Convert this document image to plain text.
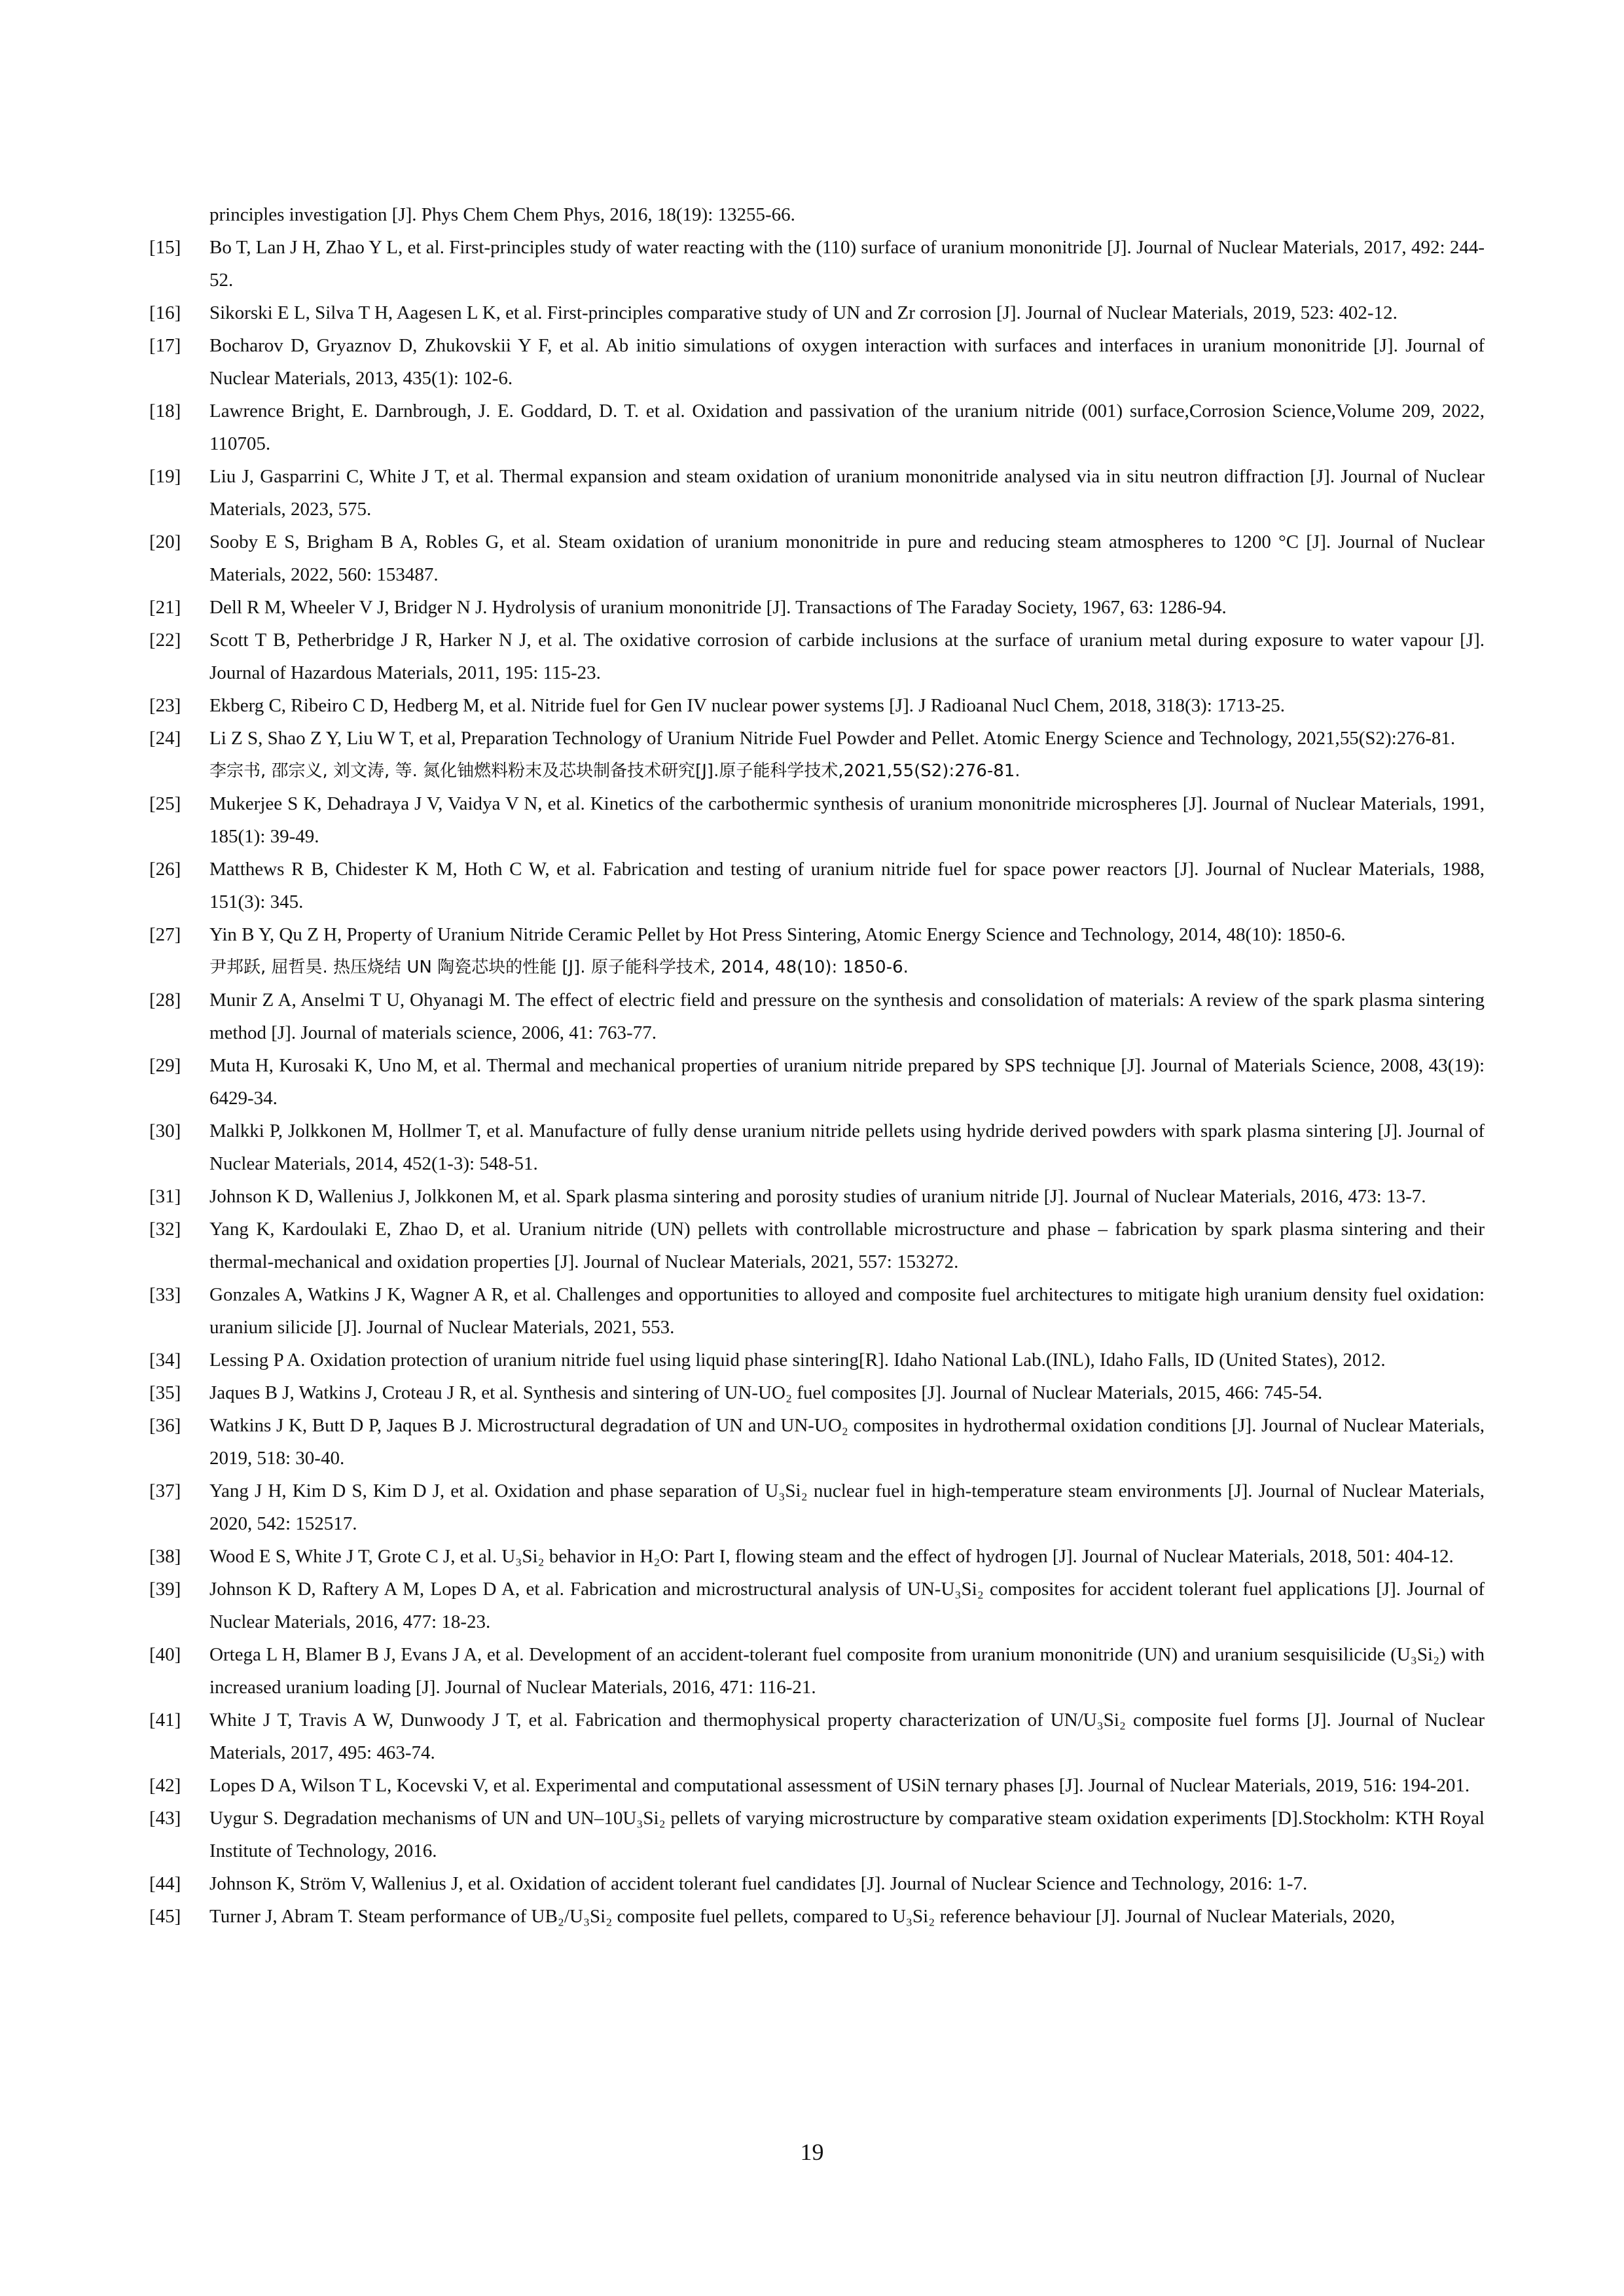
principles investigation [J]. Phys Chem Chem Phys, 2016, 18(19): 13255-66.
[15]	Bo T, Lan J H, Zhao Y L, et al. First-principles study of water reacting with the (110) surface of uranium mononitride [J]. Journal of Nuclear Materials, 2017, 492: 244-52.
[16]	Sikorski E L, Silva T H, Aagesen L K, et al. First-principles comparative study of UN and Zr corrosion [J]. Journal of Nuclear Materials, 2019, 523: 402-12.
[17]	Bocharov D, Gryaznov D, Zhukovskii Y F, et al. Ab initio simulations of oxygen interaction with surfaces and interfaces in uranium mononitride [J]. Journal of Nuclear Materials, 2013, 435(1): 102-6.
[18]	Lawrence Bright, E. Darnbrough, J. E. Goddard, D. T. et al. Oxidation and passivation of the uranium nitride (001) surface,Corrosion Science,Volume 209, 2022, 110705.
[19]	Liu J, Gasparrini C, White J T, et al. Thermal expansion and steam oxidation of uranium mononitride analysed via in situ neutron diffraction [J]. Journal of Nuclear Materials, 2023, 575.
[20]	Sooby E S, Brigham B A, Robles G, et al. Steam oxidation of uranium mononitride in pure and reducing steam atmospheres to 1200 °C [J]. Journal of Nuclear Materials, 2022, 560: 153487.
[21]	Dell R M, Wheeler V J, Bridger N J. Hydrolysis of uranium mononitride [J]. Transactions of The Faraday Society, 1967, 63: 1286-94.
[22]	Scott T B, Petherbridge J R, Harker N J, et al. The oxidative corrosion of carbide inclusions at the surface of uranium metal during exposure to water vapour [J]. Journal of Hazardous Materials, 2011, 195: 115-23.
[23]	Ekberg C, Ribeiro C D, Hedberg M, et al. Nitride fuel for Gen IV nuclear power systems [J]. J Radioanal Nucl Chem, 2018, 318(3): 1713-25.
[24]	Li Z S, Shao Z Y, Liu W T, et al, Preparation Technology of Uranium Nitride Fuel Powder and Pellet. Atomic Energy Science and Technology, 2021,55(S2):276-81.
李宗书, 邵宗义, 刘文涛, 等. 氮化铀燃料粉末及芯块制备技术研究[J].原子能科学技术,2021,55(S2):276-81.
[25]	Mukerjee S K, Dehadraya J V, Vaidya V N, et al. Kinetics of the carbothermic synthesis of uranium mononitride microspheres [J]. Journal of Nuclear Materials, 1991, 185(1): 39-49.
[26]	Matthews R B, Chidester K M, Hoth C W, et al. Fabrication and testing of uranium nitride fuel for space power reactors [J]. Journal of Nuclear Materials, 1988, 151(3): 345.
[27]	Yin B Y, Qu Z H, Property of Uranium Nitride Ceramic Pellet by Hot Press Sintering, Atomic Energy Science and Technology, 2014, 48(10): 1850-6.
尹邦跃, 屈哲昊. 热压烧结 UN 陶瓷芯块的性能 [J]. 原子能科学技术, 2014, 48(10): 1850-6.
[28]	Munir Z A, Anselmi T U, Ohyanagi M. The effect of electric field and pressure on the synthesis and consolidation of materials: A review of the spark plasma sintering method [J]. Journal of materials science, 2006, 41: 763-77.
[29]	Muta H, Kurosaki K, Uno M, et al. Thermal and mechanical properties of uranium nitride prepared by SPS technique [J]. Journal of Materials Science, 2008, 43(19): 6429-34.
[30]	Malkki P, Jolkkonen M, Hollmer T, et al. Manufacture of fully dense uranium nitride pellets using hydride derived powders with spark plasma sintering [J]. Journal of Nuclear Materials, 2014, 452(1-3): 548-51.
[31]	Johnson K D, Wallenius J, Jolkkonen M, et al. Spark plasma sintering and porosity studies of uranium nitride [J]. Journal of Nuclear Materials, 2016, 473: 13-7.
[32]	Yang K, Kardoulaki E, Zhao D, et al. Uranium nitride (UN) pellets with controllable microstructure and phase – fabrication by spark plasma sintering and their thermal-mechanical and oxidation properties [J]. Journal of Nuclear Materials, 2021, 557: 153272.
[33]	Gonzales A, Watkins J K, Wagner A R, et al. Challenges and opportunities to alloyed and composite fuel architectures to mitigate high uranium density fuel oxidation: uranium silicide [J]. Journal of Nuclear Materials, 2021, 553.
[34]	Lessing P A. Oxidation protection of uranium nitride fuel using liquid phase sintering[R]. Idaho National Lab.(INL), Idaho Falls, ID (United States), 2012.
[35]	Jaques B J, Watkins J, Croteau J R, et al. Synthesis and sintering of UN-UO₂ fuel composites [J]. Journal of Nuclear Materials, 2015, 466: 745-54.
[36]	Watkins J K, Butt D P, Jaques B J. Microstructural degradation of UN and UN-UO₂ composites in hydrothermal oxidation conditions [J]. Journal of Nuclear Materials, 2019, 518: 30-40.
[37]	Yang J H, Kim D S, Kim D J, et al. Oxidation and phase separation of U₃Si₂ nuclear fuel in high-temperature steam environments [J]. Journal of Nuclear Materials, 2020, 542: 152517.
[38]	Wood E S, White J T, Grote C J, et al. U₃Si₂ behavior in H₂O: Part I, flowing steam and the effect of hydrogen [J]. Journal of Nuclear Materials, 2018, 501: 404-12.
[39]	Johnson K D, Raftery A M, Lopes D A, et al. Fabrication and microstructural analysis of UN-U₃Si₂ composites for accident tolerant fuel applications [J]. Journal of Nuclear Materials, 2016, 477: 18-23.
[40]	Ortega L H, Blamer B J, Evans J A, et al. Development of an accident-tolerant fuel composite from uranium mononitride (UN) and uranium sesquisilicide (U₃Si₂) with increased uranium loading [J]. Journal of Nuclear Materials, 2016, 471: 116-21.
[41]	White J T, Travis A W, Dunwoody J T, et al. Fabrication and thermophysical property characterization of UN/U₃Si₂ composite fuel forms [J]. Journal of Nuclear Materials, 2017, 495: 463-74.
[42]	Lopes D A, Wilson T L, Kocevski V, et al. Experimental and computational assessment of USiN ternary phases [J]. Journal of Nuclear Materials, 2019, 516: 194-201.
[43]	Uygur S. Degradation mechanisms of UN and UN–10U₃Si₂ pellets of varying microstructure by comparative steam oxidation experiments [D].Stockholm: KTH Royal Institute of Technology, 2016.
[44]	Johnson K, Ström V, Wallenius J, et al. Oxidation of accident tolerant fuel candidates [J]. Journal of Nuclear Science and Technology, 2016: 1-7.
[45]	Turner J, Abram T. Steam performance of UB₂/U₃Si₂ composite fuel pellets, compared to U₃Si₂ reference behaviour [J]. Journal of Nuclear Materials, 2020,
19
